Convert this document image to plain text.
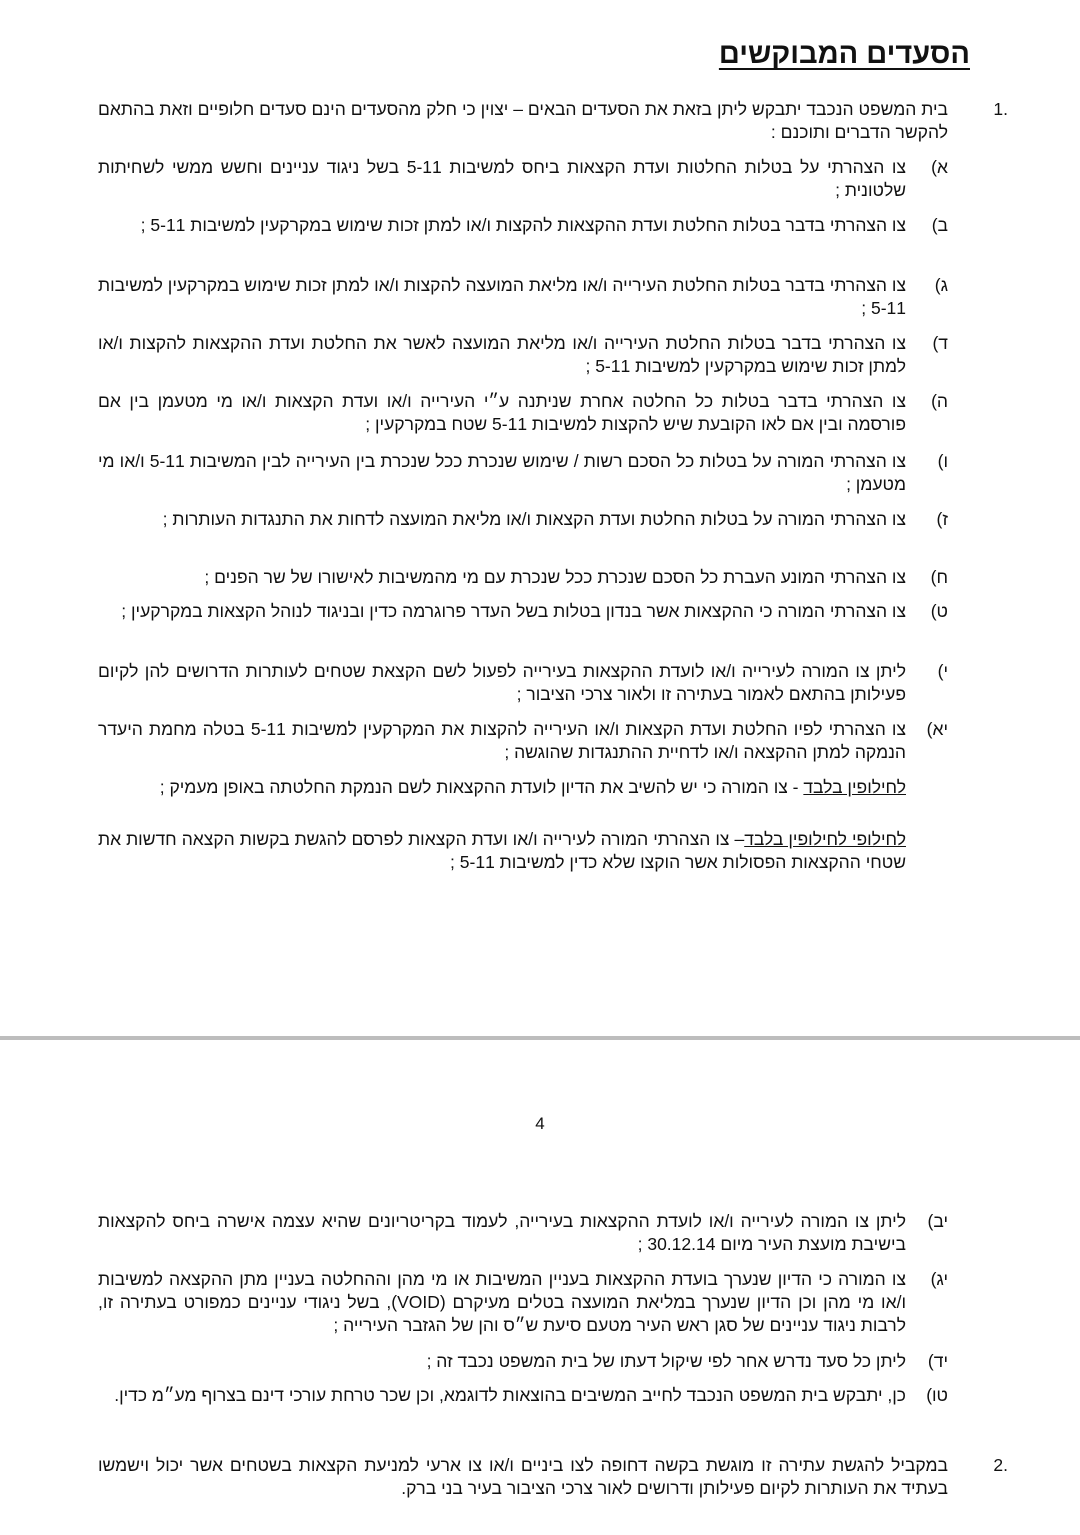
הסעדים המבוקשים
1.
בית המשפט הנכבד יתבקש ליתן בזאת את הסעדים הבאים – יצוין כי חלק מהסעדים הינם סעדים חלופיים וזאת בהתאם להקשר הדברים ותוכנם :
א)
צו הצהרתי על בטלות החלטות ועדת הקצאות ביחס למשיבות 5-11 בשל ניגוד עניינים וחשש ממשי לשחיתות שלטונית ;
ב)
צו הצהרתי בדבר בטלות החלטת ועדת ההקצאות להקצות ו/או למתן זכות שימוש במקרקעין למשיבות 5-11 ;
ג)
צו הצהרתי בדבר בטלות החלטת העירייה ו/או מליאת המועצה להקצות ו/או למתן זכות שימוש במקרקעין למשיבות 5-11 ;
ד)
צו הצהרתי בדבר בטלות החלטת העירייה ו/או מליאת המועצה לאשר את החלטת ועדת ההקצאות להקצות ו/או למתן זכות שימוש במקרקעין למשיבות 5-11 ;
ה)
צו הצהרתי בדבר בטלות כל החלטה אחרת שניתנה ע״י העירייה ו/או ועדת הקצאות ו/או מי מטעמן בין אם פורסמה ובין אם לאו הקובעת שיש להקצות למשיבות 5-11 שטח במקרקעין ;
ו)
צו הצהרתי המורה על בטלות כל הסכם רשות / שימוש שנכרת ככל שנכרת בין העירייה לבין המשיבות 5-11 ו/או מי מטעמן ;
ז)
צו הצהרתי המורה על בטלות החלטת ועדת הקצאות ו/או מליאת המועצה לדחות את התנגדות העותרות ;
ח)
צו הצהרתי המונע העברת כל הסכם שנכרת ככל שנכרת עם מי מהמשיבות לאישורו של שר הפנים ;
ט)
צו הצהרתי המורה כי ההקצאות אשר בנדון בטלות בשל העדר פרוגרמה כדין ובניגוד לנוהל הקצאות במקרקעין ;
י)
ליתן צו המורה לעירייה ו/או לועדת ההקצאות בעירייה לפעול לשם הקצאת שטחים לעותרות הדרושים להן לקיום פעילותן בהתאם לאמור בעתירה זו ולאור צרכי הציבור ;
יא)
צו הצהרתי לפיו החלטת ועדת הקצאות ו/או העירייה להקצות את המקרקעין למשיבות 5-11 בטלה מחמת היעדר הנמקה למתן ההקצאה ו/או לדחיית ההתנגדות שהוגשה ;
לחילופין בלבד - צו המורה כי יש להשיב את הדיון לועדת ההקצאות לשם הנמקת החלטתה באופן מעמיק ;
לחילופי לחילופין בלבד– צו הצהרתי המורה לעירייה ו/או ועדת הקצאות לפרסם להגשת בקשות הקצאה חדשות את שטחי ההקצאות הפסולות אשר הוקצו שלא כדין למשיבות 5-11 ;
4
יב)
ליתן צו המורה לעירייה ו/או לועדת ההקצאות בעירייה, לעמוד בקריטריונים שהיא עצמה אישרה ביחס להקצאות בישיבת מועצת העיר מיום 30.12.14 ;
יג)
צו המורה כי הדיון שנערך בועדת ההקצאות בעניין המשיבות או מי מהן וההחלטה בעניין מתן ההקצאה למשיבות ו/או מי מהן וכן הדיון שנערך במליאת המועצה בטלים מעיקרם (VOID), בשל ניגודי עניינים כמפורט בעתירה זו, לרבות ניגוד עניינים של סגן ראש העיר מטעם סיעת ש״ס והן של הגזבר העירייה ;
יד)
ליתן כל סעד נדרש אחר לפי שיקול דעתו של בית המשפט נכבד זה ;
טו)
כן, יתבקש בית המשפט הנכבד לחייב המשיבים בהוצאות לדוגמא, וכן שכר טרחת עורכי דינם בצרוף מע״מ כדין.
2.
במקביל להגשת עתירה זו מוגשת בקשה דחופה לצו ביניים ו/או צו ארעי למניעת הקצאות בשטחים אשר יכול וישמשו בעתיד את העותרות לקיום פעילותן ודרושים לאור צרכי הציבור בעיר בני ברק.
